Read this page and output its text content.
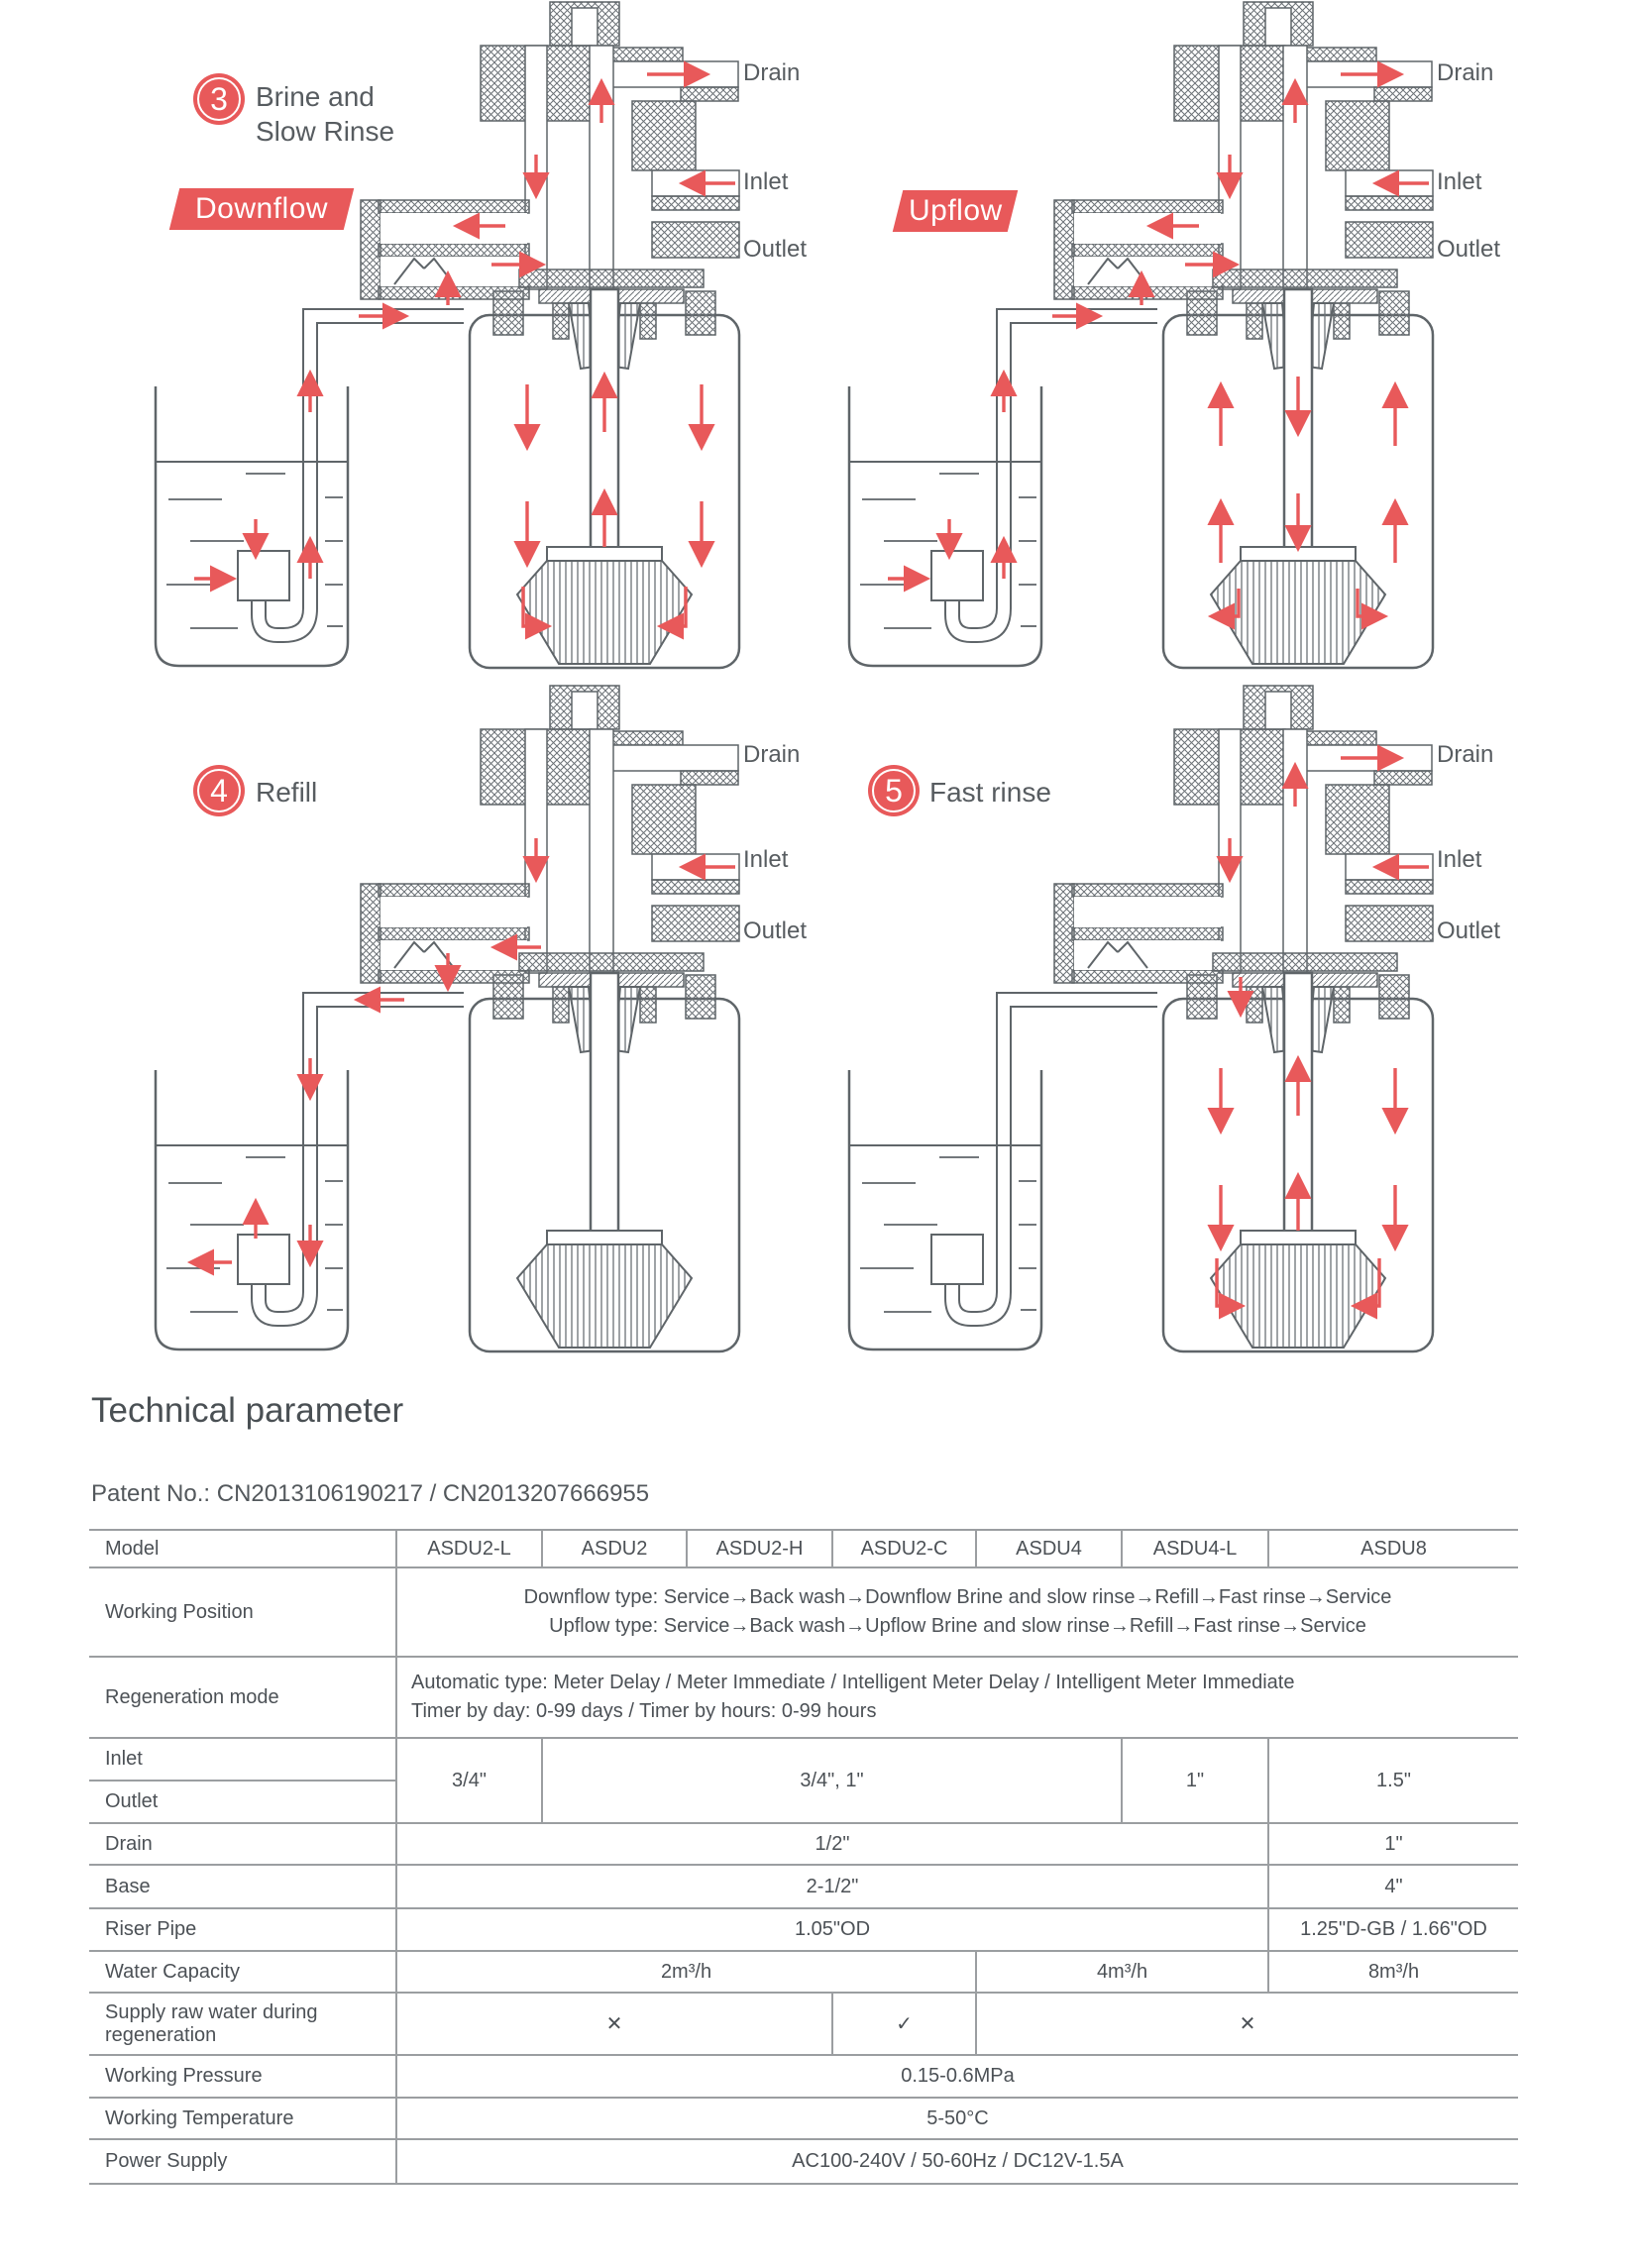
3	Brine and
Slow Rinse
Downflow
Drain
Inlet
Outlet
Upflow
Drain
Inlet
Outlet
4	Refill
Drain
Inlet
Outlet
5 Fast rinse
Drain
Inlet
Outlet
Technical parameter
Patent No.: CN2013106190217 / CN2013207666955
Model	ASDU2-L	ASDU2	ASDU2-H	ASDU2-C	ASDU4	ASDU4-L	ASDU8
Working Position	Downflow type: Service→Back wash→Downflow Brine and slow rinse→Refill→Fast rinse→Service
Upflow type: Service→Back wash→Upflow Brine and slow rinse→Refill→Fast rinse→Service						

Regeneration mode	Automatic type: Meter Delay / Meter Immediate / Intelligent Meter Delay / Intelligent Meter Immediate
Timer by day: 0-99 days / Timer by hours: 0-99 hours						

Inlet	3/4"	3/4", 1"				1"	1.5"
Outlet							
Drain	1/2"						1"
Base	2-1/2"						4"
Riser Pipe	1.05"OD						1.25"D-GB / 1.66"OD
Water Capacity	2m³/h				4m³/h		8m³/h
Supply raw water during regeneration	✕			✓	✕		
Working Pressure	0.15-0.6MPa						
Working Temperature	5-50°C						
Power Supply	AC100-240V / 50-60Hz / DC12V-1.5A						
